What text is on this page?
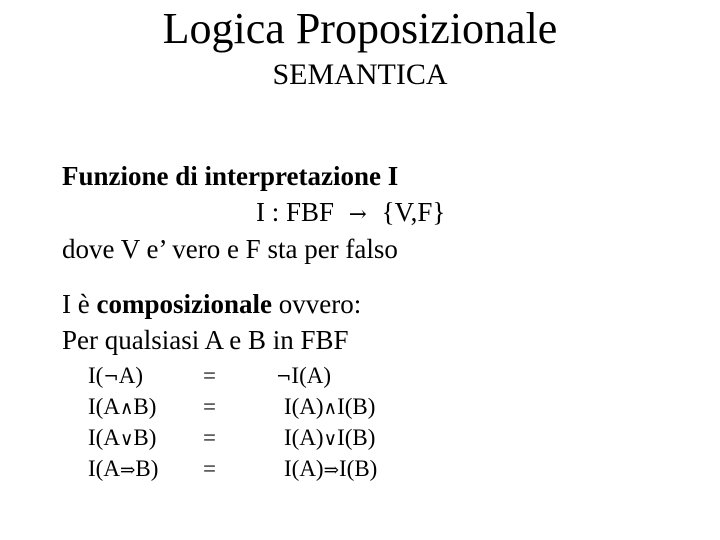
Logica Proposizionale
SEMANTICA
Funzione di interpretazione I
I : FBF → {V,F}
dove V e’ vero e F sta per falso
I è composizionale ovvero:
Per qualsiasi A e B in FBF
I(¬A)	=	¬I(A)
I(A∧B) =	I(A)∧I(B)
I(A∨B) =	I(A)∨I(B)
I(A⇒B) =	I(A)⇒I(B)
